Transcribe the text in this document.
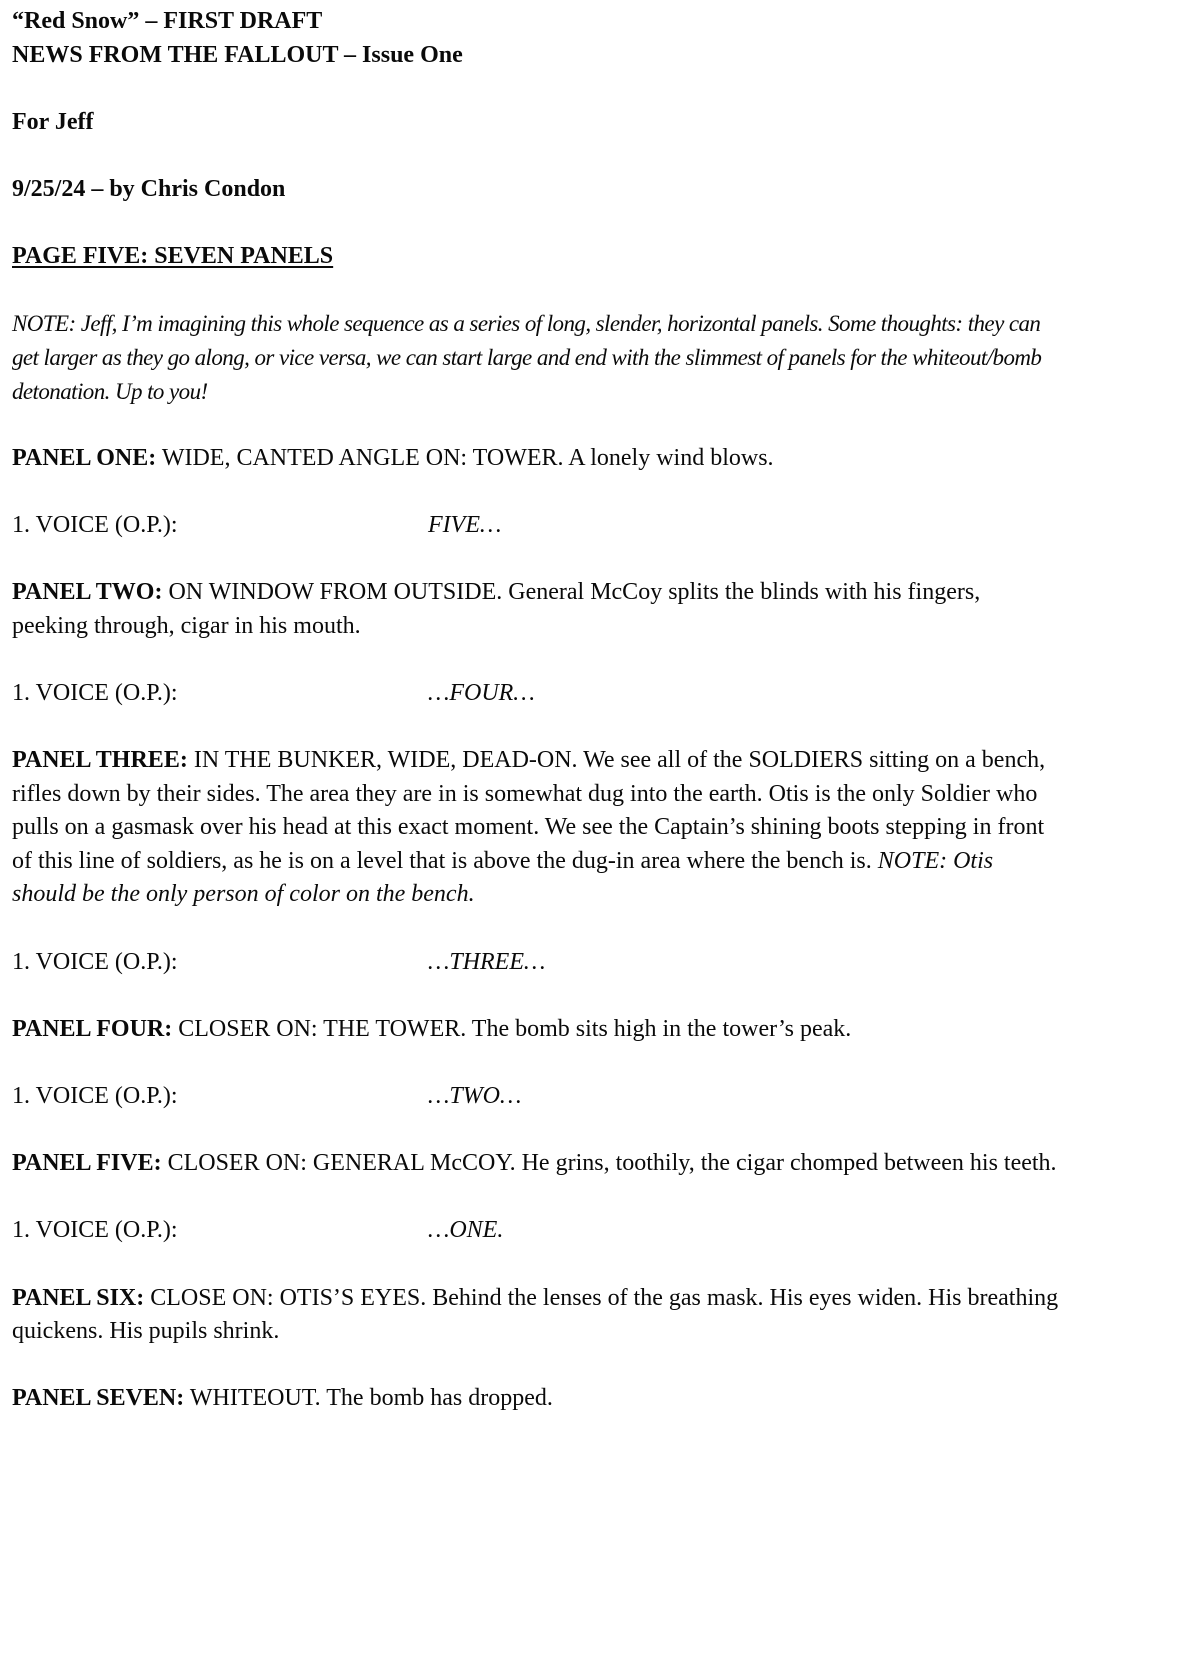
“Red Snow” – FIRST DRAFT
NEWS FROM THE FALLOUT – Issue One

For Jeff

9/25/24 – by Chris Condon

PAGE FIVE: SEVEN PANELS

NOTE: Jeff, I’m imagining this whole sequence as a series of long, slender, horizontal panels. Some thoughts: they can get larger as they go along, or vice versa, we can start large and end with the slimmest of panels for the whiteout/bomb detonation. Up to you!

PANEL ONE: WIDE, CANTED ANGLE ON: TOWER. A lonely wind blows.

1. VOICE (O.P.):	FIVE…

PANEL TWO: ON WINDOW FROM OUTSIDE. General McCoy splits the blinds with his fingers, peeking through, cigar in his mouth.

1. VOICE (O.P.):	…FOUR…

PANEL THREE: IN THE BUNKER, WIDE, DEAD-ON. We see all of the SOLDIERS sitting on a bench, rifles down by their sides. The area they are in is somewhat dug into the earth. Otis is the only Soldier who pulls on a gasmask over his head at this exact moment. We see the Captain’s shining boots stepping in front of this line of soldiers, as he is on a level that is above the dug-in area where the bench is. NOTE: Otis should be the only person of color on the bench.

1. VOICE (O.P.):	…THREE…

PANEL FOUR: CLOSER ON: THE TOWER. The bomb sits high in the tower’s peak.

1. VOICE (O.P.):	…TWO…

PANEL FIVE: CLOSER ON: GENERAL McCOY. He grins, toothily, the cigar chomped between his teeth.

1. VOICE (O.P.):	…ONE.

PANEL SIX: CLOSE ON: OTIS’S EYES. Behind the lenses of the gas mask. His eyes widen. His breathing quickens. His pupils shrink.

PANEL SEVEN: WHITEOUT. The bomb has dropped.
